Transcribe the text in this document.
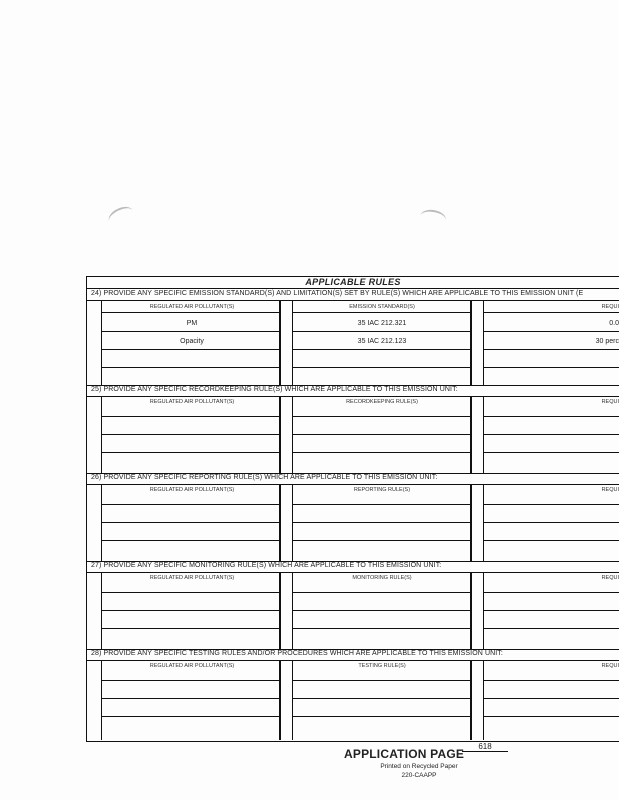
APPLICABLE RULES
24) PROVIDE ANY SPECIFIC EMISSION STANDARD(S) AND LIMITATION(S) SET BY RULE(S) WHICH ARE APPLICABLE TO THIS EMISSION UNIT (E
REGULATED AIR POLLUTANT(S)	EMISSION STANDARD(S)	REQUI
PM	35 IAC 212.321	0.0
Opacity	35 IAC 212.123	30 perc
25) PROVIDE ANY SPECIFIC RECORDKEEPING RULE(S) WHICH ARE APPLICABLE TO THIS EMISSION UNIT:
REGULATED AIR POLLUTANT(S)	RECORDKEEPING RULE(S)	REQUI
26) PROVIDE ANY SPECIFIC REPORTING RULE(S) WHICH ARE APPLICABLE TO THIS EMISSION UNIT:
REGULATED AIR POLLUTANT(S)	REPORTING RULE(S)	REQUI
27) PROVIDE ANY SPECIFIC MONITORING RULE(S) WHICH ARE APPLICABLE TO THIS EMISSION UNIT:
REGULATED AIR POLLUTANT(S)	MONITORING RULE(S)	REQUI
28) PROVIDE ANY SPECIFIC TESTING RULES AND/OR PROCEDURES WHICH ARE APPLICABLE TO THIS EMISSION UNIT:
REGULATED AIR POLLUTANT(S)	TESTING RULE(S)	REQUI
APPLICATION PAGE
618
Printed on Recycled Paper
220-CAAPP
